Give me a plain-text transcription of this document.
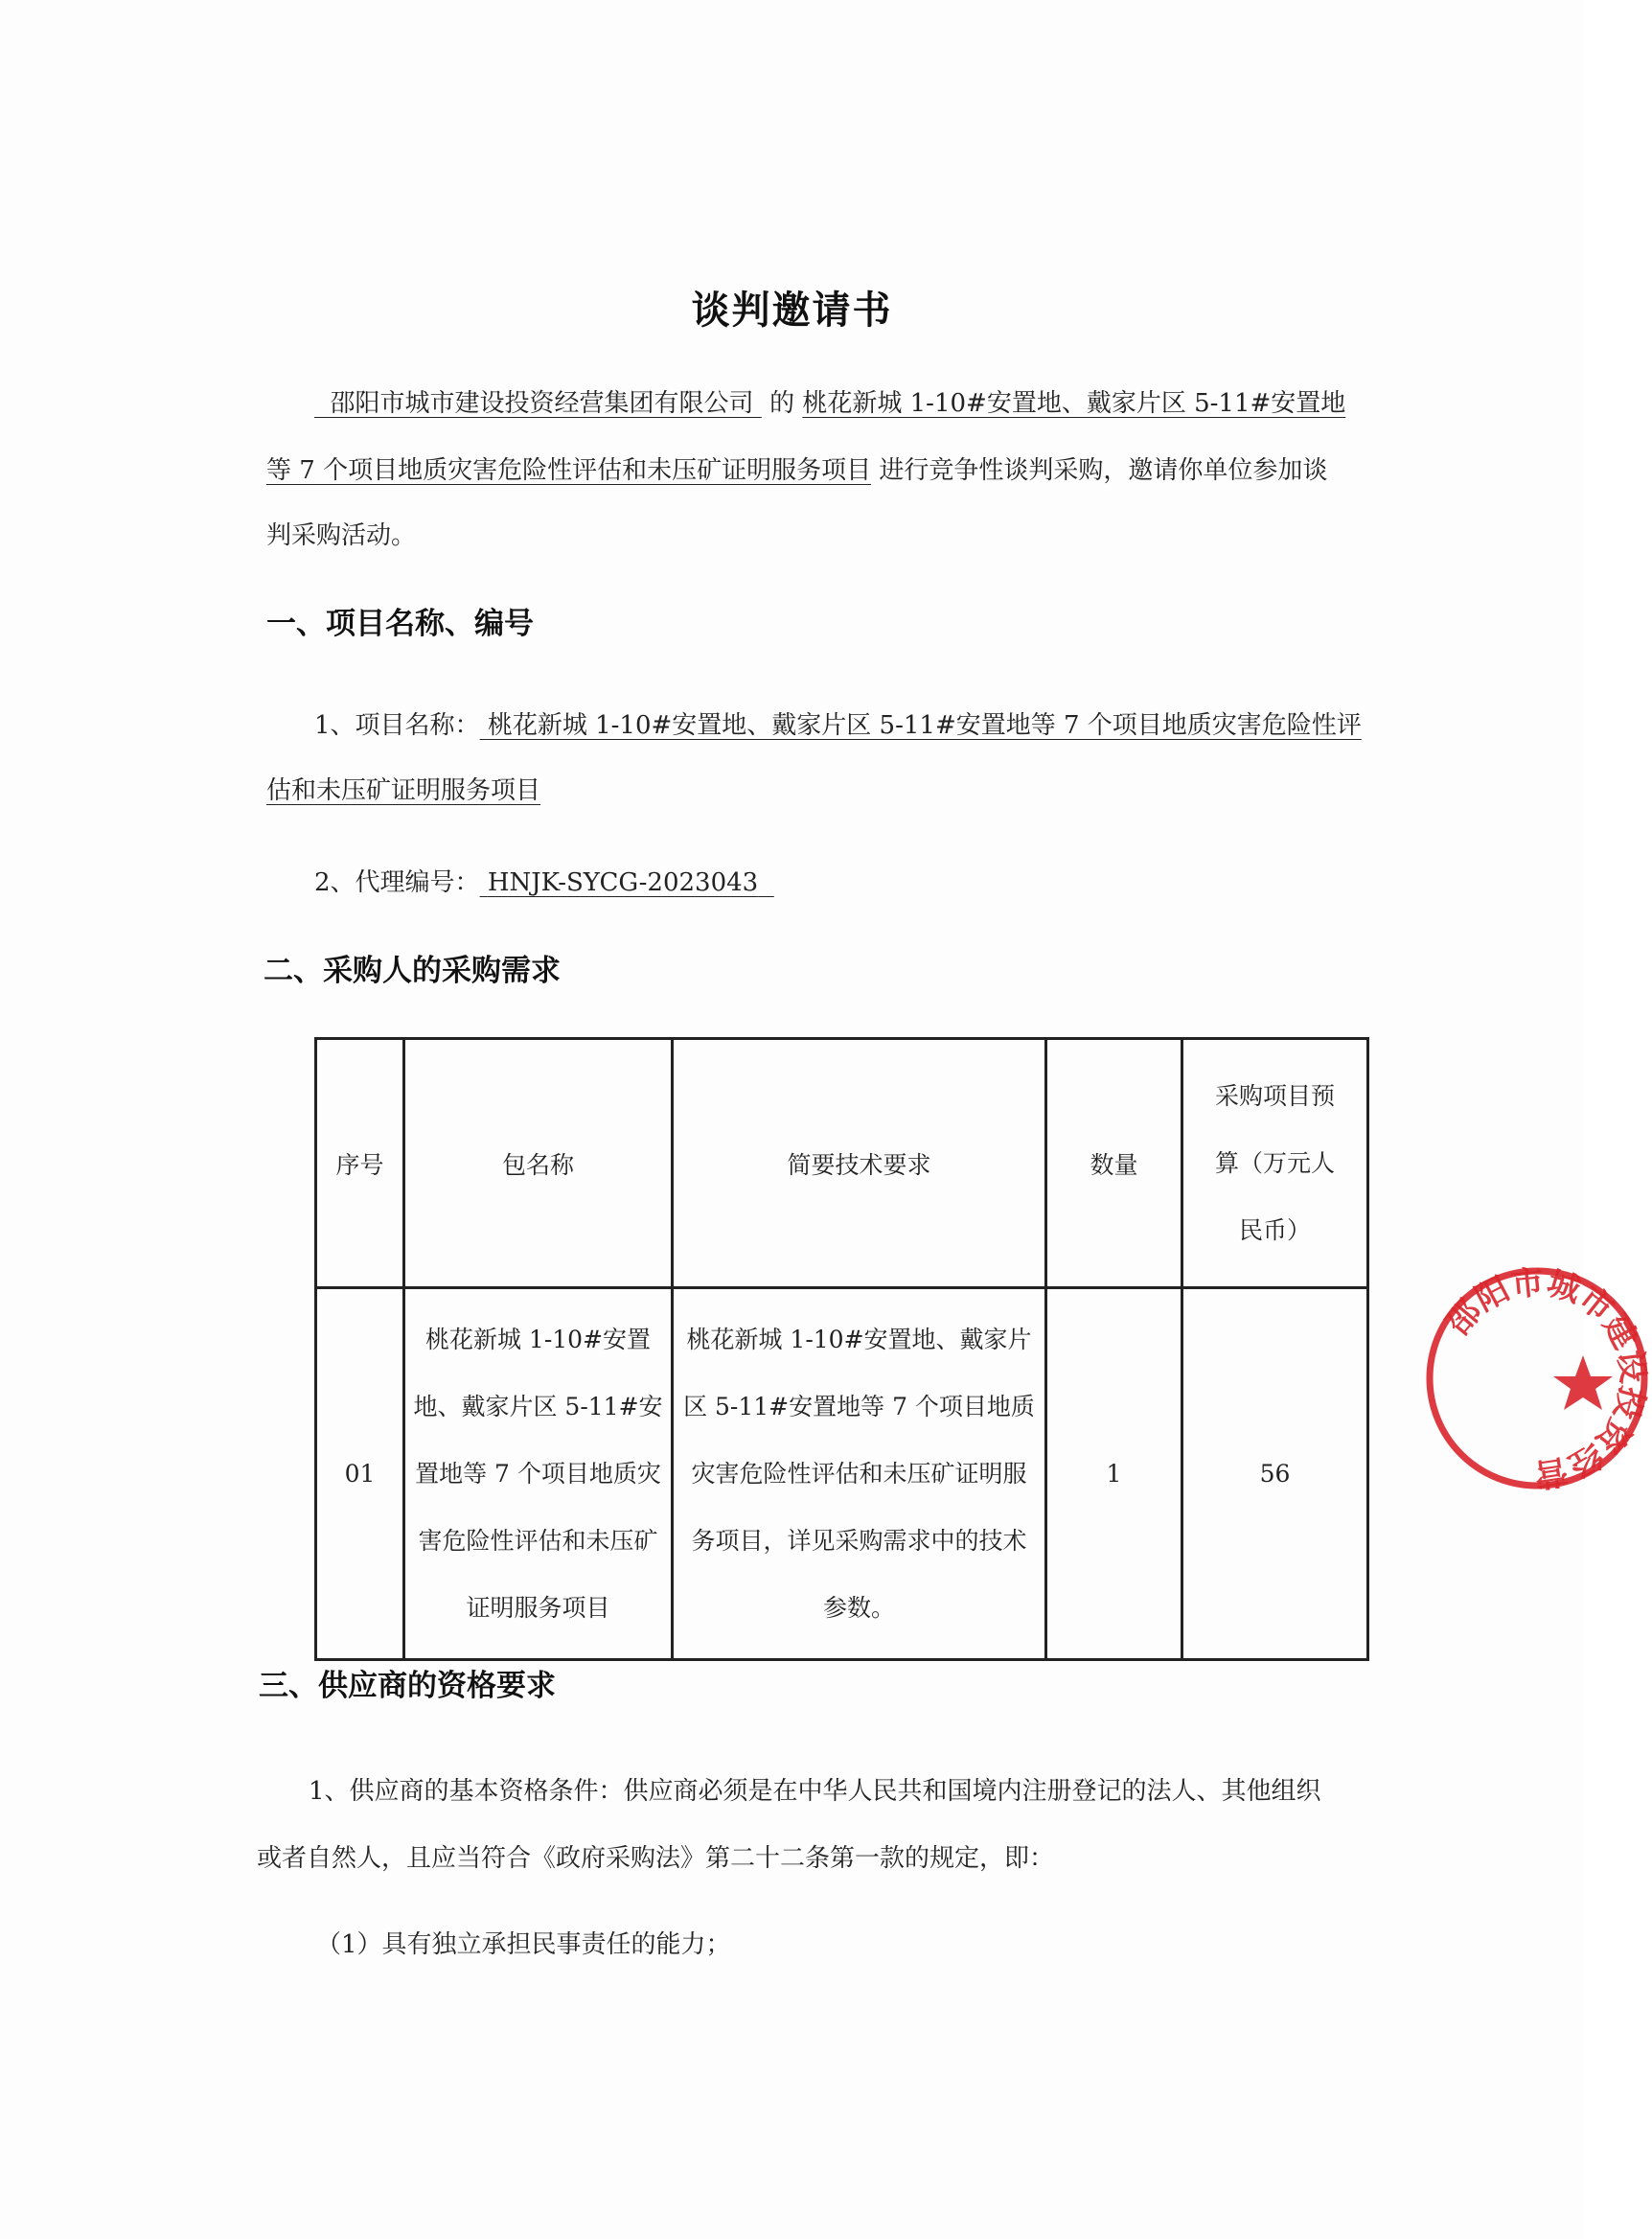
谈判邀请书
邵阳市城市建设投资经营集团有限公司 的 桃花新城 1-10#安置地、戴家片区 5-11#安置地
等 7 个项目地质灾害危险性评估和未压矿证明服务项目 进行竞争性谈判采购，邀请你单位参加谈
判采购活动。
一、项目名称、编号
1、项目名称： 桃花新城 1-10#安置地、戴家片区 5-11#安置地等 7 个项目地质灾害危险性评
估和未压矿证明服务项目
2、代理编号： HNJK-SYCG-2023043
二、采购人的采购需求
序号	包名称	简要技术要求	数量	采购项目预算（万元人民币）
01	桃花新城 1-10#安置地、戴家片区 5-11#安置地等 7 个项目地质灾害危险性评估和未压矿证明服务项目	桃花新城 1-10#安置地、戴家片区 5-11#安置地等 7 个项目地质灾害危险性评估和未压矿证明服务项目，详见采购需求中的技术参数。	1	56
三、供应商的资格要求
1、供应商的基本资格条件：供应商必须是在中华人民共和国境内注册登记的法人、其他组织
或者自然人，且应当符合《政府采购法》第二十二条第一款的规定，即：
（1）具有独立承担民事责任的能力；
邵阳市城市建设投资经营
